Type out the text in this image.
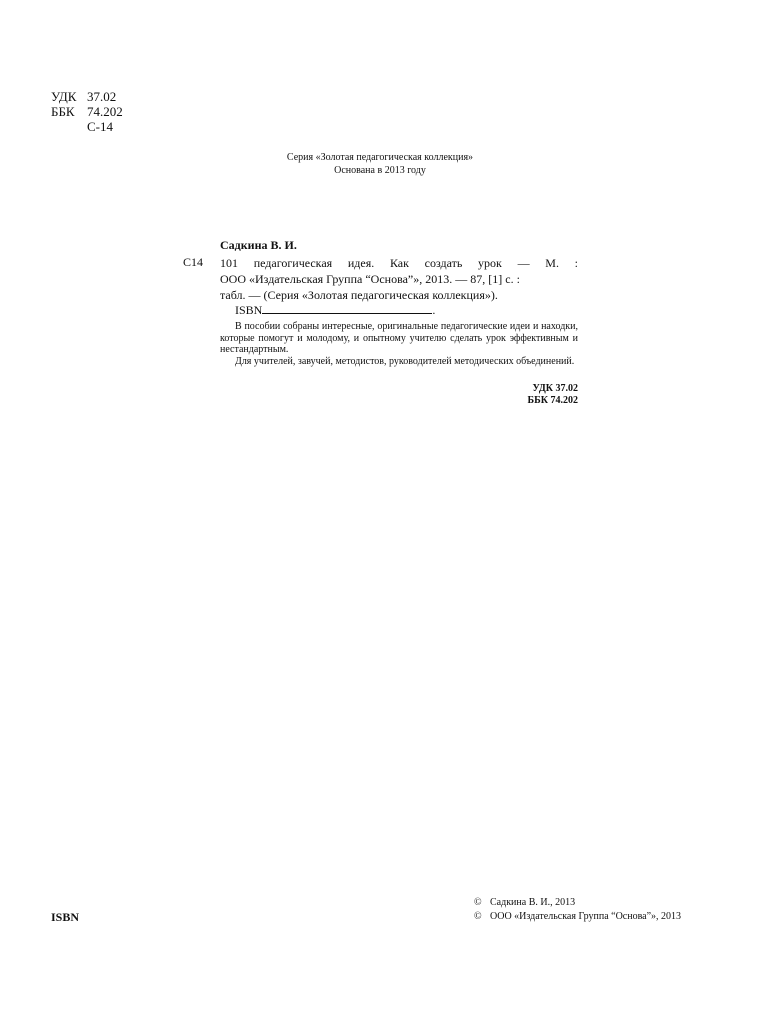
УДК 37.02
ББК 74.202
С-14
Серия «Золотая педагогическая коллекция»
Основана в 2013 году
Садкина В. И.
С14 101 педагогическая идея. Как создать урок — М. :
ООО «Издательская Группа “Основа”», 2013. — 87, [1] с. :
табл. — (Серия «Золотая педагогическая коллекция»).
ISBN	.

В пособии собраны интересные, оригинальные педагогические идеи и находки, которые помогут и молодому, и опытному учителю сделать урок эффективным и нестандартным.

Для учителей, завучей, методистов, руководителей методических объединений.

УДК 37.02
ББК 74.202
ISBN
© Садкина В. И., 2013
© ООО «Издательская Группа “Основа”», 2013
